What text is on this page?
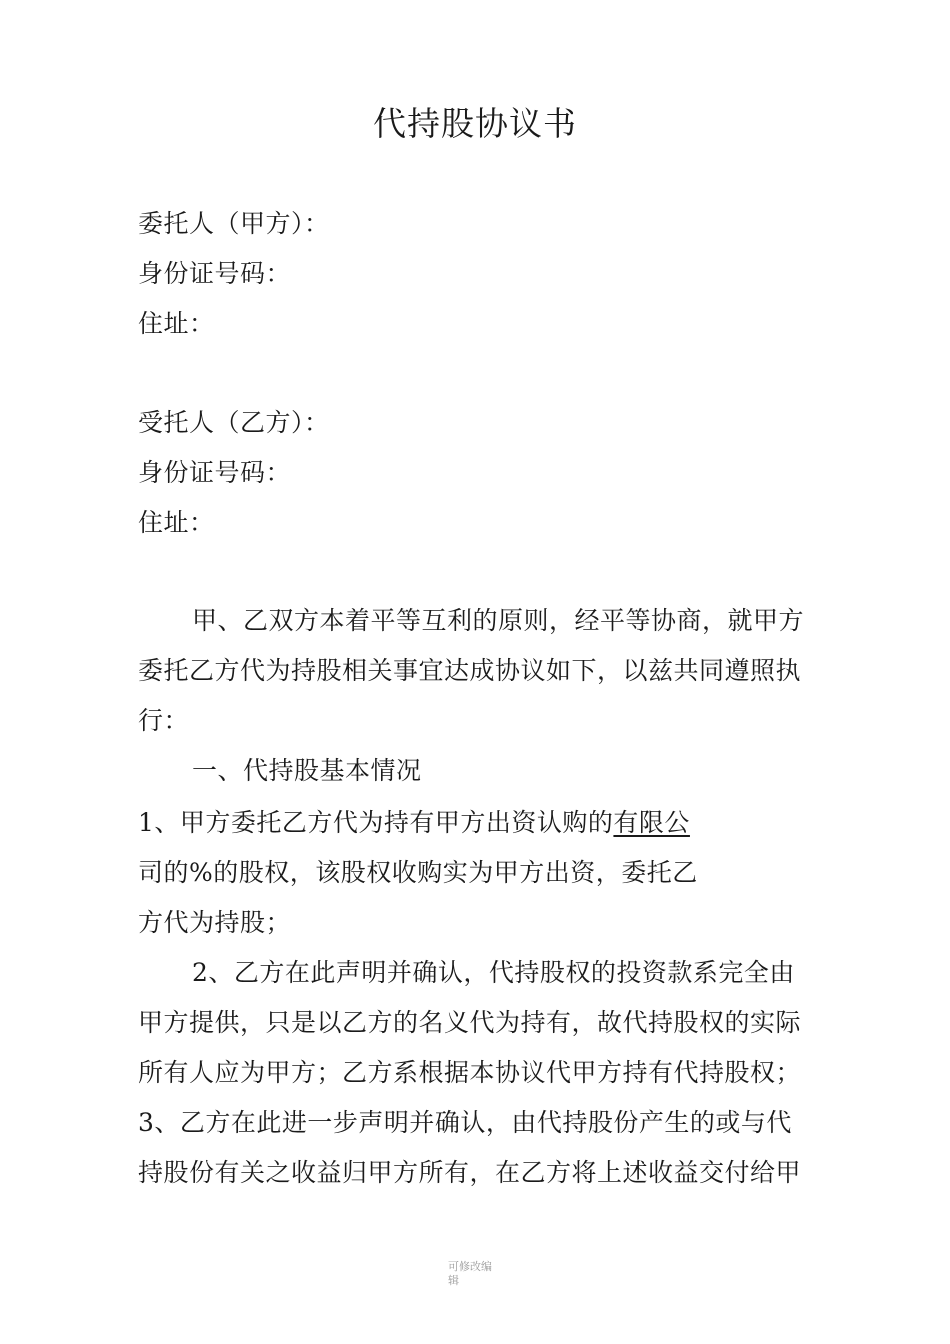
代持股协议书
委托人（甲方）：
身份证号码：
住址：
受托人（乙方）：
身份证号码：
住址：
甲、乙双方本着平等互利的原则，经平等协商，就甲方
委托乙方代为持股相关事宜达成协议如下，以兹共同遵照执
行：
一、代持股基本情况
1、甲方委托乙方代为持有甲方出资认购的有限公
司的%的股权，该股权收购实为甲方出资，委托乙
方代为持股；
2、乙方在此声明并确认，代持股权的投资款系完全由
甲方提供，只是以乙方的名义代为持有，故代持股权的实际
所有人应为甲方；乙方系根据本协议代甲方持有代持股权；
3、乙方在此进一步声明并确认，由代持股份产生的或与代
持股份有关之收益归甲方所有，在乙方将上述收益交付给甲
可修改编
辑
